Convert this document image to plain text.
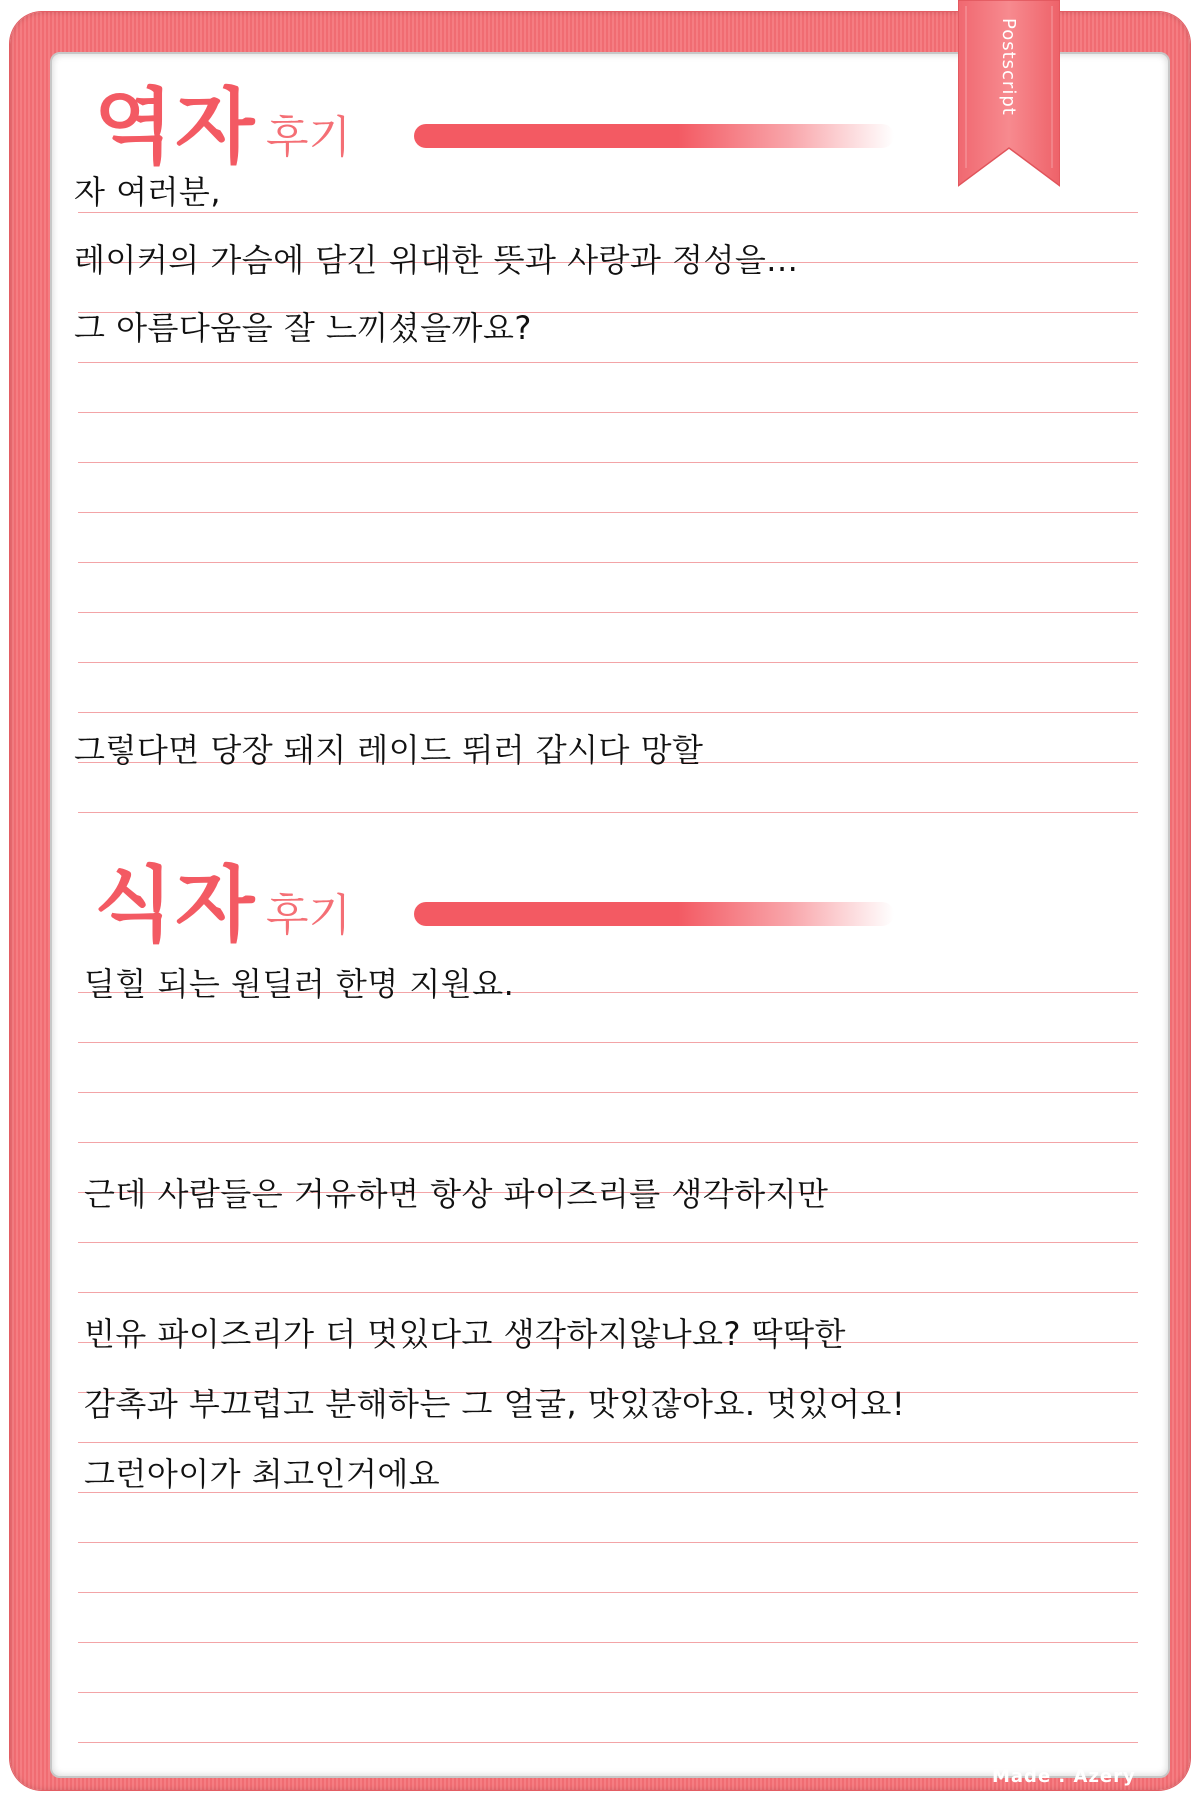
역자 후기
자 여러분,
레이커의 가슴에 담긴 위대한 뜻과 사랑과 정성을...
그 아름다움을 잘 느끼셨을까요?
그렇다면 당장 돼지 레이드 뛰러 갑시다 망할
식자 후기
딜힐 되는 원딜러 한명 지원요.
근데 사람들은 거유하면 항상 파이즈리를 생각하지만
빈유 파이즈리가 더 멋있다고 생각하지않나요? 딱딱한
감촉과 부끄럽고 분해하는 그 얼굴, 맛있잖아요. 멋있어요!
그런아이가 최고인거에요
Postscript
Made . Azery
